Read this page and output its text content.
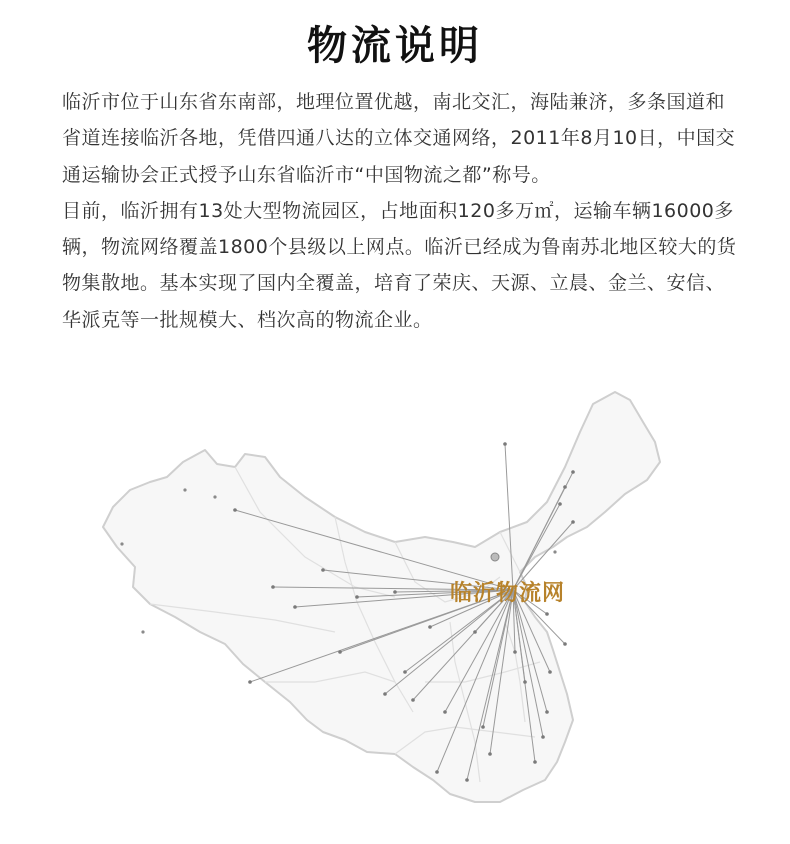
物流说明

临沂市位于山东省东南部，地理位置优越，南北交汇，海陆兼济，多条国道和省道连接临沂各地，凭借四通八达的立体交通网络，2011年8月10日，中国交通运输协会正式授予山东省临沂市“中国物流之都”称号。

目前，临沂拥有13处大型物流园区，占地面积120多万㎡，运输车辆16000多辆，物流网络覆盖1800个县级以上网点。临沂已经成为鲁南苏北地区较大的货物集散地。基本实现了国内全覆盖，培育了荣庆、天源、立晨、金兰、安信、华派克等一批规模大、档次高的物流企业。

临沂物流网
